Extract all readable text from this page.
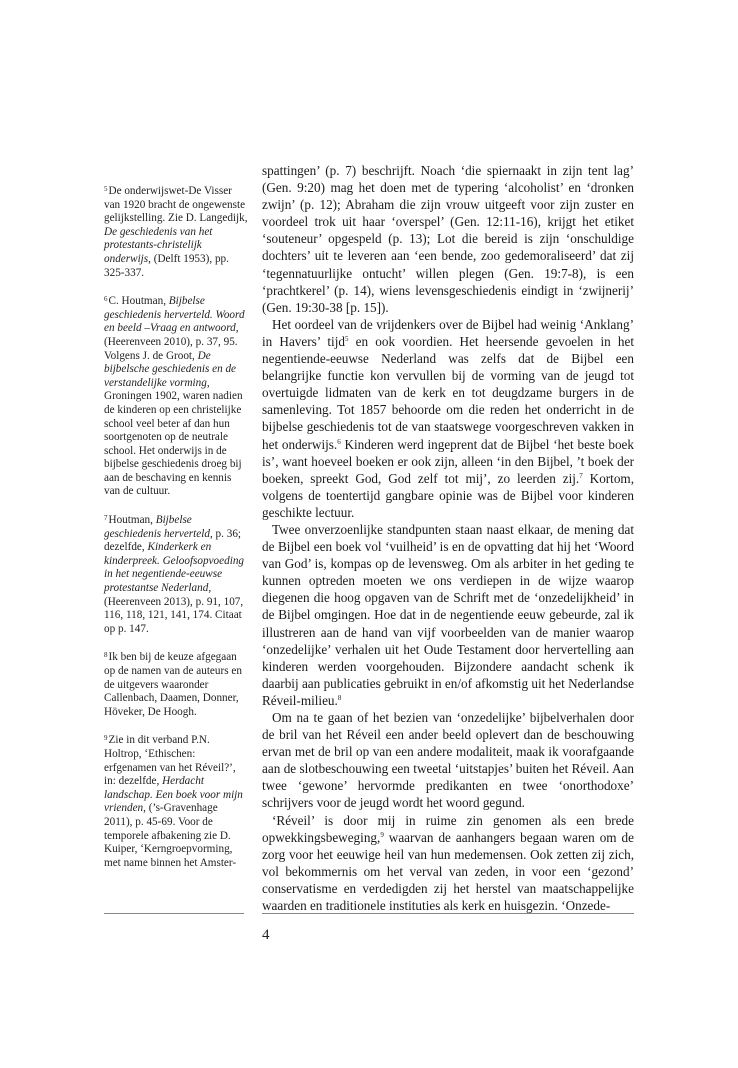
$^5$De onderwijswet-De Visser van 1920 bracht de ongewenste gelijkstelling. Zie D. Langedijk, De geschiedenis van het protestants-christelijk onderwijs, (Delft 1953), pp. 325-337.

$^6$C. Houtman, Bijbelse geschiedenis herverteld. Woord en beeld –Vraag en antwoord, (Heerenveen 2010), p. 37, 95. Volgens J. de Groot, De bijbelsche geschiedenis en de verstandelijke vorming, Groningen 1902, waren nadien de kinderen op een christelijke school veel beter af dan hun soortgenoten op de neutrale school. Het onderwijs in de bijbelse geschiedenis droeg bij aan de beschaving en kennis van de cultuur.

$^7$Houtman, Bijbelse geschiedenis herverteld, p. 36; dezelfde, Kinderkerk en kinderpreek. Geloofsopvoeding in het negentiende-eeuwse protestantse Nederland, (Heerenveen 2013), p. 91, 107, 116, 118, 121, 141, 174. Citaat op p. 147.

$^8$Ik ben bij de keuze afgegaan op de namen van de auteurs en de uitgevers waaronder Callenbach, Daamen, Donner, Höveker, De Hoogh.

$^9$Zie in dit verband P.N. Holtrop, ‘Ethischen: erfgenamen van het Réveil?’, in: dezelfde, Herdacht landschap. Een boek voor mijn vrienden, (’s-Gravenhage 2011), p. 45-69. Voor de temporele afbakening zie D. Kuiper, ‘Kerngroepvorming, met name binnen het Amster-

spattingen’ (p. 7) beschrijft. Noach ‘die spiernaakt in zijn tent lag’ (Gen. 9:20) mag het doen met de typering ‘alcoholist’ en ‘dronken zwijn’ (p. 12); Abraham die zijn vrouw uitgeeft voor zijn zuster en voordeel trok uit haar ‘overspel’ (Gen. 12:11-16), krijgt het etiket ‘souteneur’ opgespeld (p. 13); Lot die bereid is zijn ‘onschuldige dochters’ uit te leveren aan ‘een bende, zoo gedemoraliseerd’ dat zij ‘tegennatuurlijke ontucht’ willen plegen (Gen. 19:7-8), is een ‘prachtkerel’ (p. 14), wiens levensgeschiedenis eindigt in ‘zwijnerij’ (Gen. 19:30-38 [p. 15]).

Het oordeel van de vrijdenkers over de Bijbel had weinig ‘Anklang’ in Havers’ tijd$^5$ en ook voordien. Het heersende gevoelen in het negentiende-eeuwse Nederland was zelfs dat de Bijbel een belangrijke functie kon vervullen bij de vorming van de jeugd tot overtuigde lidmaten van de kerk en tot deugdzame burgers in de samenleving. Tot 1857 behoorde om die reden het onderricht in de bijbelse geschiedenis tot de van staatswege voorgeschreven vakken in het onderwijs.$^6$ Kinderen werd ingeprent dat de Bijbel ‘het beste boek is’, want hoeveel boeken er ook zijn, alleen ‘in den Bijbel, ’t boek der boeken, spreekt God, God zelf tot mij’, zo leerden zij.$^7$ Kortom, volgens de toentertijd gangbare opinie was de Bijbel voor kinderen geschikte lectuur.

Twee onverzoenlijke standpunten staan naast elkaar, de mening dat de Bijbel een boek vol ‘vuilheid’ is en de opvatting dat hij het ‘Woord van God’ is, kompas op de levensweg. Om als arbiter in het geding te kunnen optreden moeten we ons verdiepen in de wijze waarop diegenen die hoog opgaven van de Schrift met de ‘onzedelijkheid’ in de Bijbel omgingen. Hoe dat in de negentiende eeuw gebeurde, zal ik illustreren aan de hand van vijf voorbeelden van de manier waarop ‘onzedelijke’ verhalen uit het Oude Testament door hervertelling aan kinderen werden voorgehouden. Bijzondere aandacht schenk ik daarbij aan publicaties gebruikt in en/of afkomstig uit het Nederlandse Réveil-milieu.$^8$

Om na te gaan of het bezien van ‘onzedelijke’ bijbelverhalen door de bril van het Réveil een ander beeld oplevert dan de beschouwing ervan met de bril op van een andere modaliteit, maak ik voorafgaande aan de slotbeschouwing een tweetal ‘uitstapjes’ buiten het Réveil. Aan twee ‘gewone’ hervormde predikanten en twee ‘onorthodoxe’ schrijvers voor de jeugd wordt het woord gegund.

‘Réveil’ is door mij in ruime zin genomen als een brede opwekkingsbeweging,$^9$ waarvan de aanhangers begaan waren om de zorg voor het eeuwige heil van hun medemensen. Ook zetten zij zich, vol bekommernis om het verval van zeden, in voor een ‘gezond’ conservatisme en verdedigden zij het herstel van maatschappelijke waarden en traditionele instituties als kerk en huisgezin. ‘Onzede-

4
